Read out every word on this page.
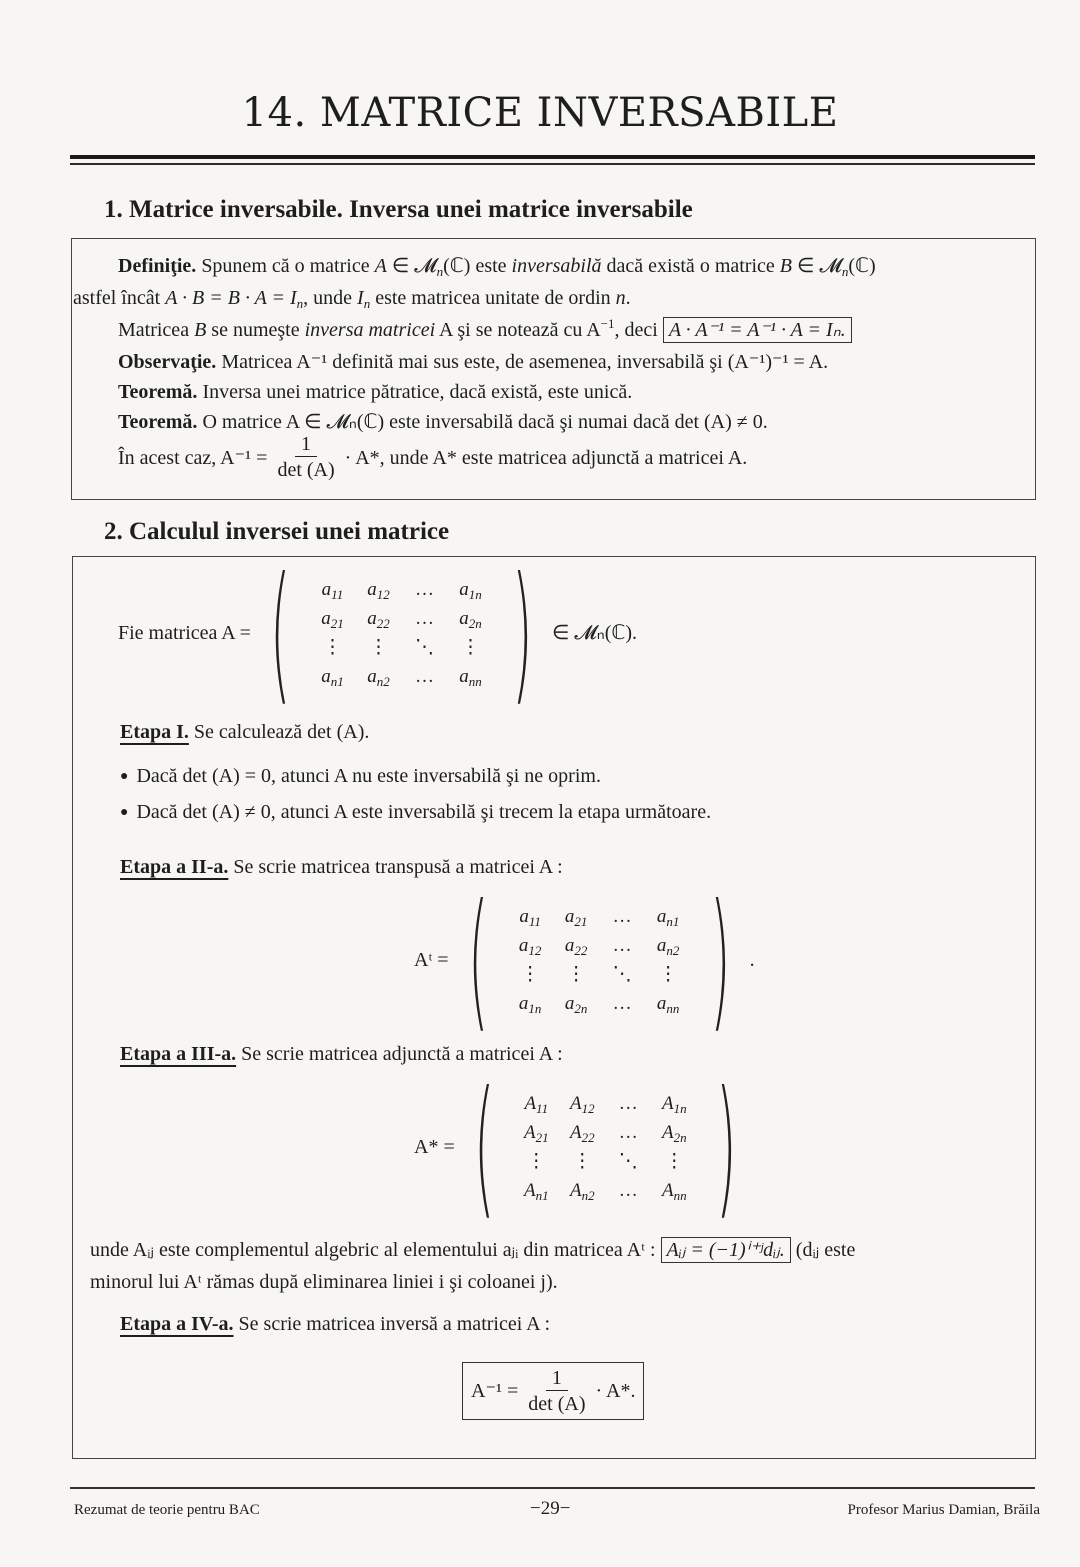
14. MATRICE INVERSABILE
1. Matrice inversabile. Inversa unei matrice inversabile
Definiţie. Spunem că o matrice A ∈ 𝓜$_n$(ℂ) este inversabilă dacă există o matrice B ∈ 𝓜$_n$(ℂ)
astfel încât $A \cdot B = B \cdot A = I_n$, unde $I_n$ este matricea unitate de ordin n.
Matricea B se numeşte inversa matricei A şi se notează cu $A^{-1}$, deci A · A⁻¹ = A⁻¹ · A = Iₙ.
Observaţie. Matricea A⁻¹ definită mai sus este, de asemenea, inversabilă şi (A⁻¹)⁻¹ = A.
Teoremă. Inversa unei matrice pătratice, dacă există, este unică.
Teoremă. O matrice A ∈ 𝓜ₙ(ℂ) este inversabilă dacă şi numai dacă det (A) ≠ 0.
În acest caz, $A^{-1} = \frac{1}{\det (A)} \cdot A*$, unde A* este matricea adjunctă a matricei A.
2. Calculul inversei unei matrice
Fie matricea A = (	$a_{11}$	$a_{12}$	…	$a_{1n}$
$a_{21}$	$a_{22}$	…	$a_{2n}$
⋮	⋮	⋱	⋮
$a_{n1}$	$a_{n2}$	…	$a_{nn}$ ) ∈ 𝓜ₙ(ℂ).
Etapa I. Se calculează det (A).
● Dacă det (A) = 0, atunci A nu este inversabilă şi ne oprim.
● Dacă det (A) ≠ 0, atunci A este inversabilă şi trecem la etapa următoare.
Etapa a II-a. Se scrie matricea transpusă a matricei A :
Aᵗ = (	$a_{11}$	$a_{21}$	…	$a_{n1}$
$a_{12}$	$a_{22}$	…	$a_{n2}$
⋮	⋮	⋱	⋮
$a_{1n}$	$a_{2n}$	…	$a_{nn}$ ) .
Etapa a III-a. Se scrie matricea adjunctă a matricei A :
A* = (	$A_{11}$	$A_{12}$	…	$A_{1n}$
$A_{21}$	$A_{22}$	…	$A_{2n}$
⋮	⋮	⋱	⋮
$A_{n1}$	$A_{n2}$	…	$A_{nn}$ )
unde Aᵢⱼ este complementul algebric al elementului aⱼᵢ din matricea Aᵗ : Aᵢⱼ = (−1)ⁱ⁺ʲdᵢⱼ. (dᵢⱼ este
minorul lui Aᵗ rămas după eliminarea liniei i şi coloanei j).
Etapa a IV-a. Se scrie matricea inversă a matricei A :
$A^{-1} = \frac{1}{\det (A)} \cdot A*$.
Rezumat de teorie pentru BAC	−29−	Profesor Marius Damian, Brăila
